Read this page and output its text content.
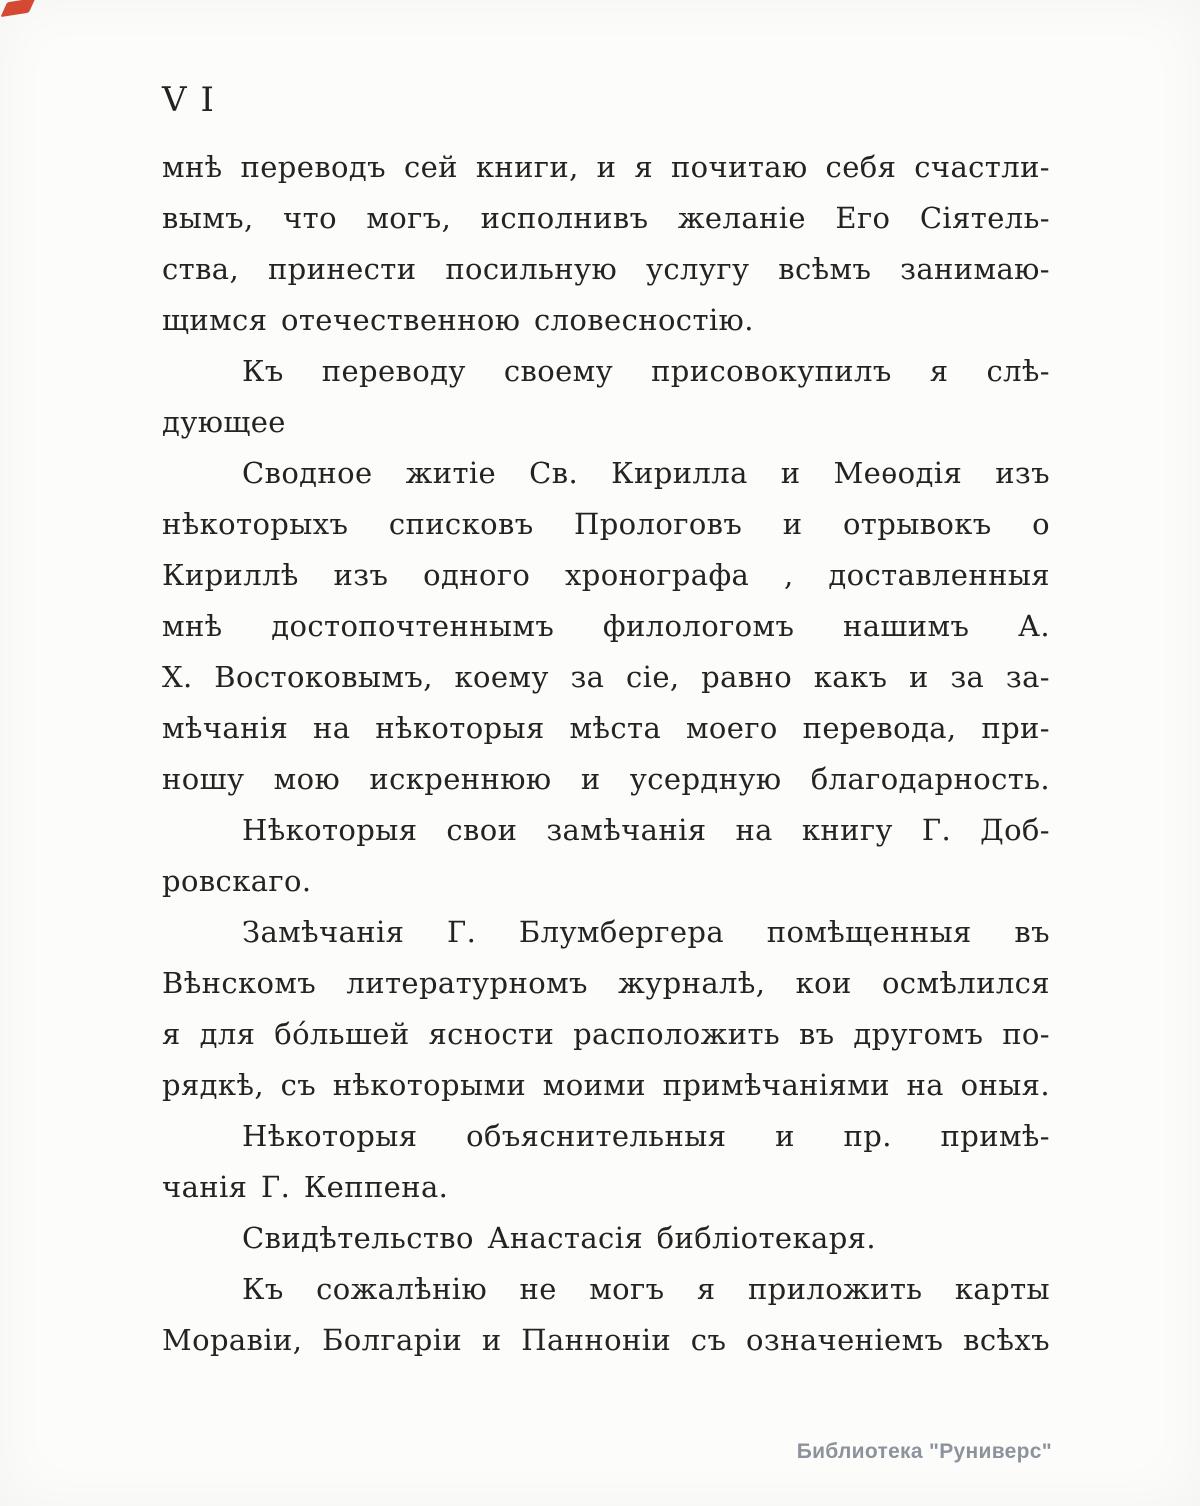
VI
мнѣ переводъ сей книги, и я почитаю себя счастли-
вымъ, что могъ, исполнивъ желаніе Его Сіятель-
ства, принести посильную услугу всѣмъ занимаю-
щимся отечественною словесностію.
Къ переводу своему присовокупилъ я слѣ-
дующее
Сводное житіе Св. Кирилла и Меѳодія изъ
нѣкоторыхъ списковъ Прологовъ и отрывокъ о
Кириллѣ изъ одного хронографа , доставленныя
мнѣ достопочтеннымъ филологомъ нашимъ А.
Х. Востоковымъ, коему за сіе, равно какъ и за за-
мѣчанія на нѣкоторыя мѣста моего перевода, при-
ношу мою искреннюю и усердную благодарность.
Нѣкоторыя свои замѣчанія на книгу Г. Доб-
ровскаго.
Замѣчанія Г. Блумбергера помѣщенныя въ
Вѣнскомъ литературномъ журналѣ, кои осмѣлился
я для бо́льшей ясности расположить въ другомъ по-
рядкѣ, съ нѣкоторыми моими примѣчаніями на оныя.
Нѣкоторыя объяснительныя и пр. примѣ-
чанія Г. Кеппена.
Свидѣтельство Анастасія библіотекаря.
Къ сожалѣнію не могъ я приложить карты
Моравіи, Болгаріи и Панноніи съ означеніемъ всѣхъ
Библиотека "Руниверс"
